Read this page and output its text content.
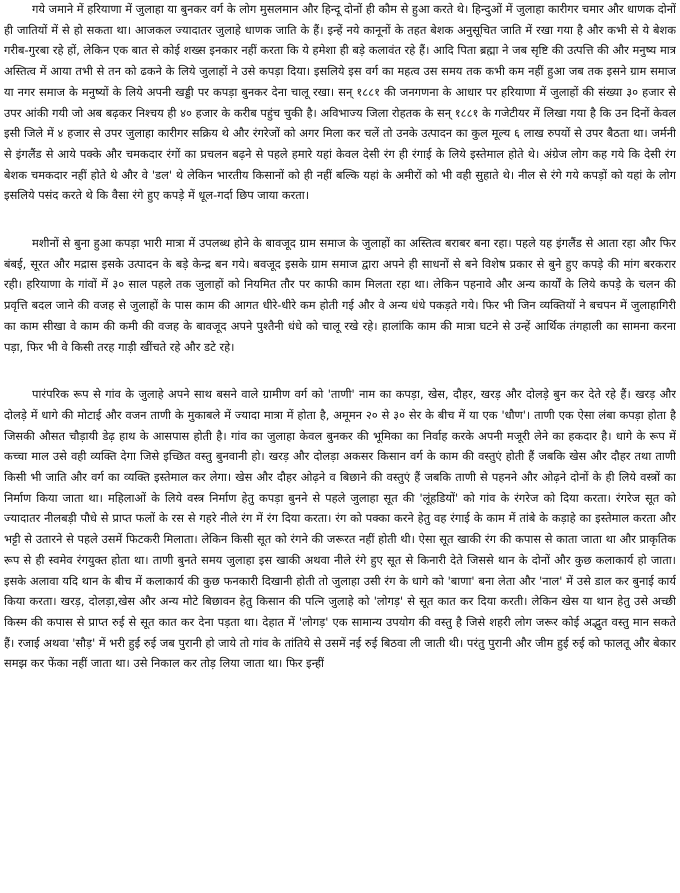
गये जमाने में हरियाणा में जुलाहा या बुनकर वर्ग के लोग मुसलमान और हिन्दू दोनों ही कौम से हुआ करते थे। हिन्दुओं में जुलाहा कारीगर चमार और धाणक दोनों ही जातियों में से हो सकता था। आजकल ज्यादातर जुलाहे धाणक जाति के हैं। इन्हें नये कानूनों के तहत बेशक अनुसूचित जाति में रखा गया है और कभी से ये बेशक गरीब-गुरबा रहे हों, लेकिन एक बात से कोई शख्स इनकार नहीं करता कि ये हमेशा ही बड़े कलावंत रहे हैं। आदि पिता ब्रह्मा ने जब सृष्टि की उत्पत्ति की और मनुष्य मात्र अस्तित्व में आया तभी से तन को ढकने के लिये जुलाहों ने उसे कपड़ा दिया। इसलिये इस वर्ग का महत्व उस समय तक कभी कम नहीं हुआ जब तक इसने ग्राम समाज या नगर समाज के मनुष्यों के लिये अपनी खड्डी पर कपड़ा बुनकर देना चालू रखा। सन् १८८१ की जनगणना के आधार पर हरियाणा में जुलाहों की संख्या ३० हजार से उपर आंकी गयी जो अब बढ़कर निश्चय ही ४० हजार के करीब पहुंच चुकी है। अविभाज्य जिला रोहतक के सन् १८८१ के गजेटीयर में लिखा गया है कि उन दिनों केवल इसी जिले में ४ हजार से उपर जुलाहा कारीगर सक्रिय थे और रंगरेजों को अगर मिला कर चलें तो उनके उत्पादन का कुल मूल्य ६ लाख रुपयों से उपर बैठता था। जर्मनी से इंगलैंड से आये पक्के और चमकदार रंगों का प्रचलन बढ़ने से पहले हमारे यहां केवल देसी रंग ही रंगाई के लिये इस्तेमाल होते थे। अंग्रेज लोग कह गये कि देसी रंग बेशक चमकदार नहीं होते थे और वे 'डल' थे लेकिन भारतीय किसानों को ही नहीं बल्कि यहां के अमीरों को भी वही सुहाते थे। नील से रंगे गये कपड़ों को यहां के लोग इसलिये पसंद करते थे कि वैसा रंगे हुए कपड़े में धूल-गर्दा छिप जाया करता।

मशीनों से बुना हुआ कपड़ा भारी मात्रा में उपलब्ध होने के बावजूद ग्राम समाज के जुलाहों का अस्तित्व बराबर बना रहा। पहले यह इंगलैंड से आता रहा और फिर बंबई, सूरत और मद्रास इसके उत्पादन के बड़े केन्द्र बन गये। बवजूद इसके ग्राम समाज द्वारा अपने ही साधनों से बने विशेष प्रकार से बुने हुए कपड़े की मांग बरकरार रही। हरियाणा के गांवों में ३० साल पहले तक जुलाहों को नियमित तौर पर काफी काम मिलता रहा था। लेकिन पहनावे और अन्य कार्यों के लिये कपड़े के चलन की प्रवृत्ति बदल जाने की वजह से जुलाहों के पास काम की आगत धीरे-धीरे कम होती गई और वे अन्य धंधे पकड़ते गये। फिर भी जिन व्यक्तियों ने बचपन में जुलाहागिरी का काम सीखा वे काम की कमी की वजह के बावजूद अपने पुश्तैनी धंधे को चालू रखे रहे। हालांकि काम की मात्रा घटने से उन्हें आर्थिक तंगहाली का सामना करना पड़ा, फिर भी वे किसी तरह गाड़ी खींचते रहे और डटे रहे।

पारंपरिक रूप से गांव के जुलाहे अपने साथ बसने वाले ग्रामीण वर्ग को 'ताणी' नाम का कपड़ा, खेस, दौहर, खरड़ और दोलड़े बुन कर देते रहे हैं। खरड़ और दोलड़े में धागे की मोटाई और वजन ताणी के मुकाबले में ज्यादा मात्रा में होता है, अमूमन २० से ३० सेर के बीच में या एक 'धौण'। ताणी एक ऐसा लंबा कपड़ा होता है जिसकी औसत चौड़ायी डेढ़ हाथ के आसपास होती है। गांव का जुलाहा केवल बुनकर की भूमिका का निर्वाह करके अपनी मजूरी लेने का हकदार है। धागे के रूप में कच्चा माल उसे वही व्यक्ति देगा जिसे इच्छित वस्तु बुनवानी हो। खरड़ और दोलड़ा अकसर किसान वर्ग के काम की वस्तुएं होती हैं जबकि खेस और दौहर तथा ताणी किसी भी जाति और वर्ग का व्यक्ति इस्तेमाल कर लेगा। खेस और दौहर ओढ़ने व बिछाने की वस्तुएं हैं जबकि ताणी से पहनने और ओढ़ने दोनों के ही लिये वस्त्रों का निर्माण किया जाता था। महिलाओं के लिये वस्त्र निर्माण हेतु कपड़ा बुनने से पहले जुलाहा सूत की 'लूंहडियों' को गांव के रंगरेज को दिया करता। रंगरेज सूत को ज्यादातर नीलबड़ी पौधे से प्राप्त फलों के रस से गहरे नीले रंग में रंग दिया करता। रंग को पक्का करने हेतु वह रंगाई के काम में तांबे के कड़ाहे का इस्तेमाल करता और भट्टी से उतारने से पहले उसमें फिटकरी मिलाता। लेकिन किसी सूत को रंगने की जरूरत नहीं होती थी। ऐसा सूत खाकी रंग की कपास से काता जाता था और प्राकृतिक रूप से ही स्वमेव रंगयुक्त होता था। ताणी बुनते समय जुलाहा इस खाकी अथवा नीले रंगे हुए सूत से किनारी देते जिससे थान के दोनों और कुछ कलाकार्य हो जाता। इसके अलावा यदि थान के बीच में कलाकार्य की कुछ फनकारी दिखानी होती तो जुलाहा उसी रंग के धागे को 'बाणा' बना लेता और 'नाल' में उसे डाल कर बुनाई कार्य किया करता। खरड़, दोलड़ा,खेस और अन्य मोटे बिछावन हेतु किसान की पत्नि जुलाहे को 'लोगड़' से सूत कात कर दिया करती। लेकिन खेस या थान हेतु उसे अच्छी किस्म की कपास से प्राप्त रुई से सूत कात कर देना पड़ता था। देहात में 'लोगड़' एक सामान्य उपयोग की वस्तु है जिसे शहरी लोग जरूर कोई अद्भुत वस्तु मान सकते हैं। रजाई अथवा 'सौड़' में भरी हुई रुई जब पुरानी हो जाये तो गांव के तांतिये से उसमें नई रुई बिठवा ली जाती थी। परंतु पुरानी और जीम हुई रुई को फालतू और बेकार समझ कर फेंका नहीं जाता था। उसे निकाल कर तोड़ लिया जाता था। फिर इन्हीं
